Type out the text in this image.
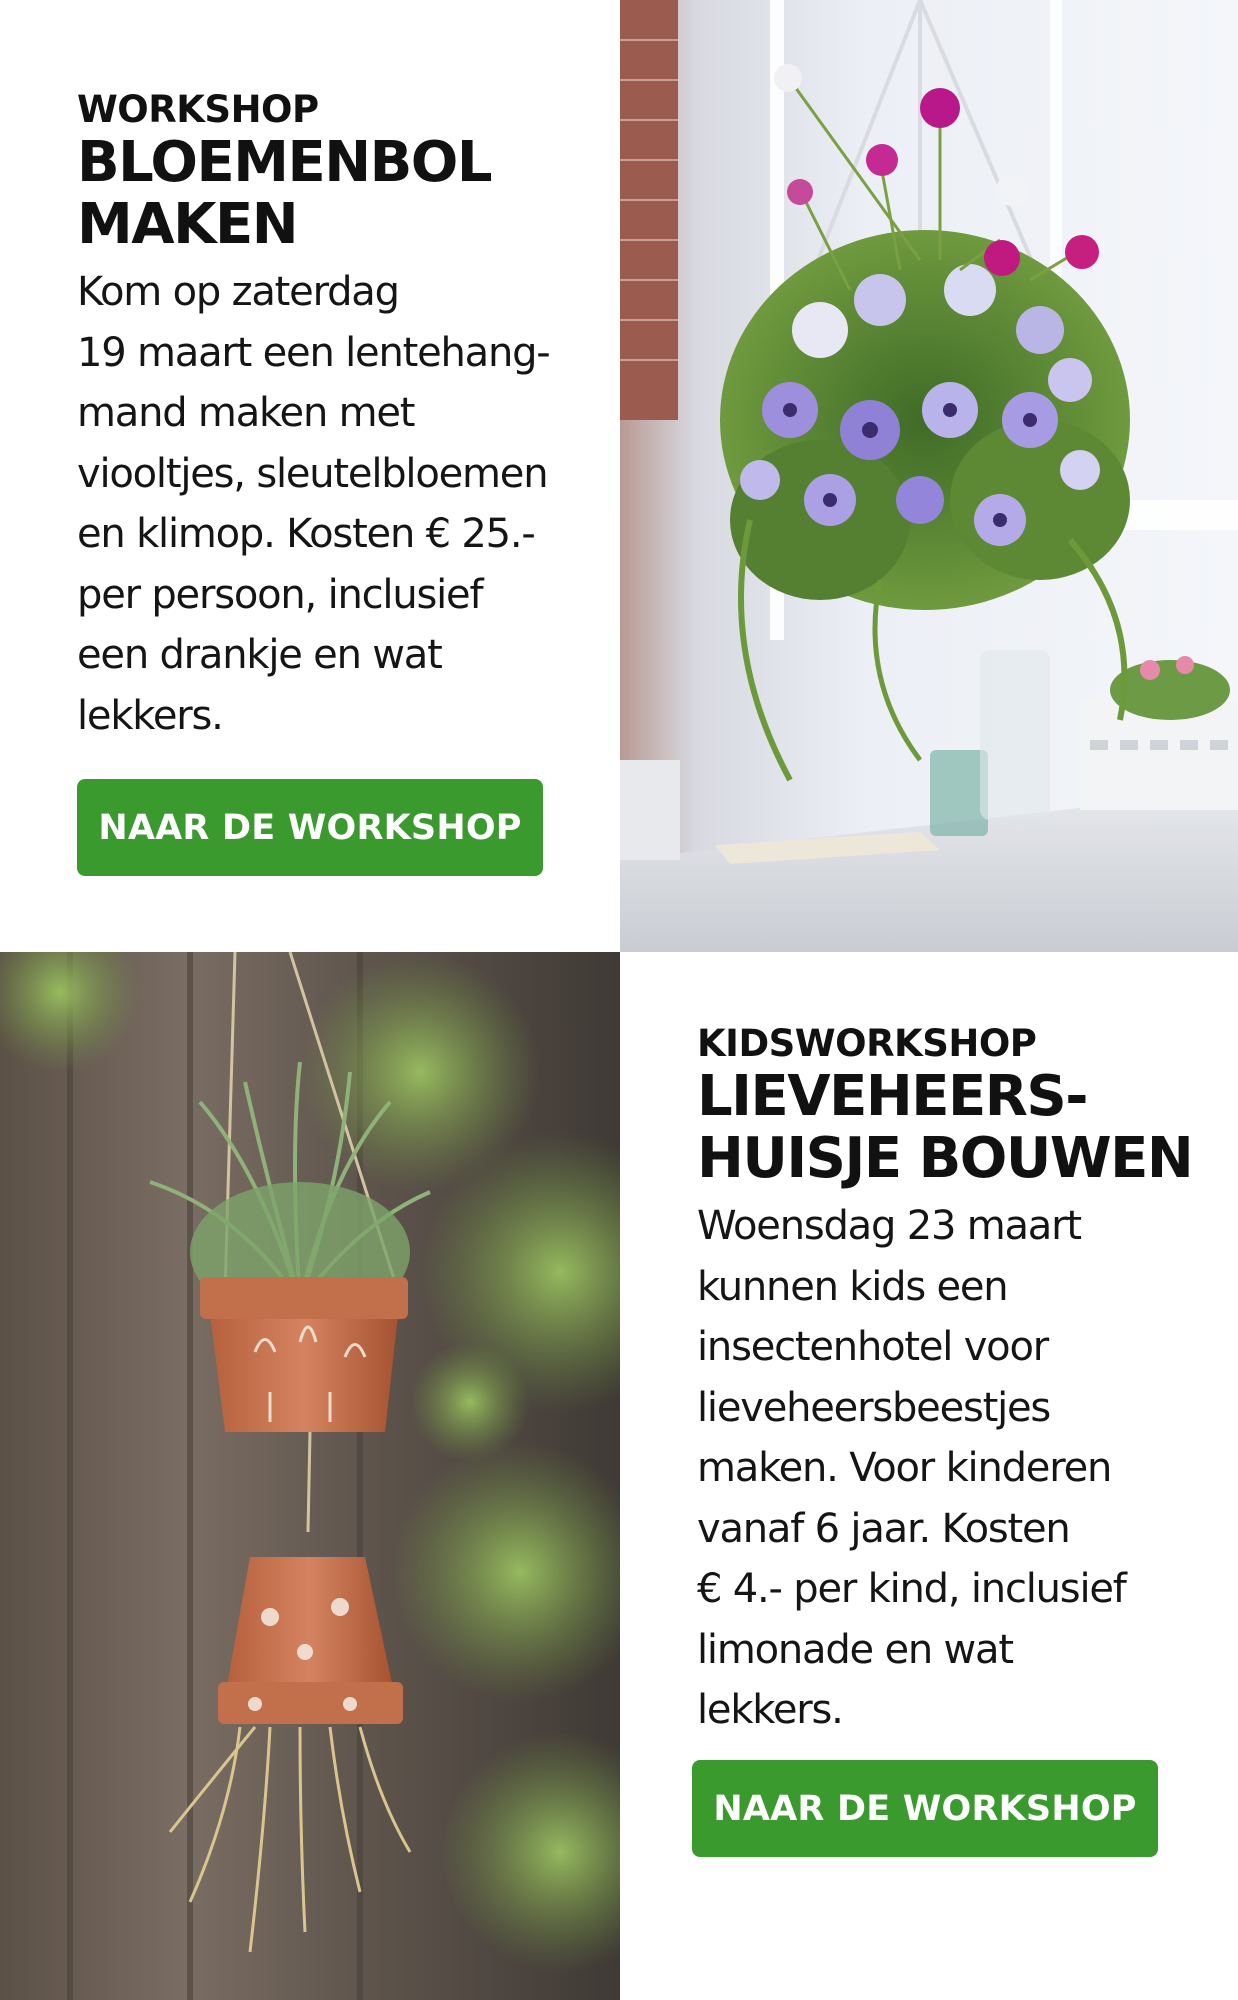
WORKSHOP

BLOEMENBOL
MAKEN

Kom op zaterdag
19 maart een lentehang-
mand maken met
viooltjes, sleutelbloemen
en klimop. Kosten € 25.-
per persoon, inclusief
een drankje en wat
lekkers.

NAAR DE WORKSHOP

KIDSWORKSHOP

LIEVEHEERS-
HUISJE BOUWEN

Woensdag 23 maart
kunnen kids een
insectenhotel voor
lieveheersbeestjes
maken. Voor kinderen
vanaf 6 jaar. Kosten
€ 4.- per kind, inclusief
limonade en wat
lekkers.

NAAR DE WORKSHOP
